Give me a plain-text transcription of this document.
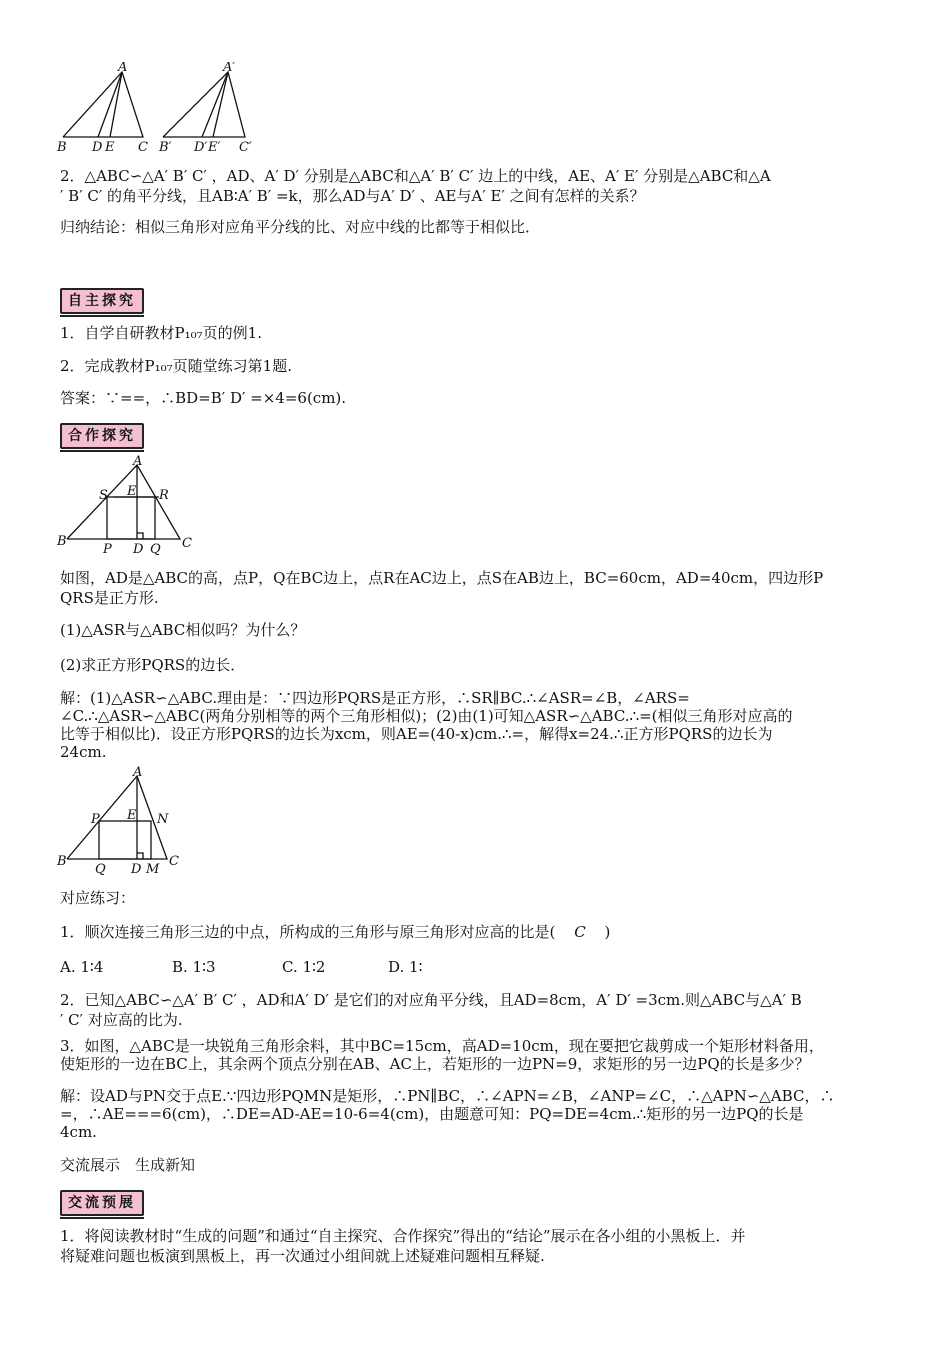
A
B D E C
A′
B′ D′ E′ C′
2．△ABC∽△A′ B′ C′ ，AD、A′ D′ 分别是△ABC和△A′ B′ C′ 边上的中线，AE、A′ E′ 分别是△ABC和△A
′ B′ C′ 的角平分线，且AB∶A′ B′ =k，那么AD与A′ D′ 、AE与A′ E′ 之间有怎样的关系？
归纳结论：相似三角形对应角平分线的比、对应中线的比都等于相似比．
自主探究
1．自学自研教材P₁₀₇页的例1.
2．完成教材P₁₀₇页随堂练习第1题.
答案：∵==，∴BD=B′ D′ =×4=6(cm).
合作探究
A
S E R
B
P D Q C
如图，AD是△ABC的高，点P，Q在BC边上，点R在AC边上，点S在AB边上，BC=60cm，AD=40cm，四边形P
QRS是正方形.
(1)△ASR与△ABC相似吗？为什么？
(2)求正方形PQRS的边长．
解：(1)△ASR∽△ABC.理由是：∵四边形PQRS是正方形，∴SR∥BC.∴∠ASR=∠B，∠ARS=
∠C.∴△ASR∽△ABC(两角分别相等的两个三角形相似)；(2)由(1)可知△ASR∽△ABC.∴=(相似三角形对应高的
比等于相似比)．设正方形PQRS的边长为xcm，则AE=(40-x)cm.∴=，解得x=24.∴正方形PQRS的边长为
24cm.
A
P E N
B
Q D M
C
对应练习：
1．顺次连接三角形三边的中点，所构成的三角形与原三角形对应高的比是( C )
A. 1∶4	B. 1∶3	C. 1∶2	D. 1∶
2．已知△ABC∽△A′ B′ C′ ，AD和A′ D′ 是它们的对应角平分线，且AD=8cm，A′ D′ =3cm.则△ABC与△A′ B
′ C′ 对应高的比为.
3．如图，△ABC是一块锐角三角形余料，其中BC=15cm，高AD=10cm，现在要把它裁剪成一个矩形材料备用，
使矩形的一边在BC上，其余两个顶点分别在AB、AC上，若矩形的一边PN=9，求矩形的另一边PQ的长是多少？
解：设AD与PN交于点E.∵四边形PQMN是矩形，∴PN∥BC，∴∠APN=∠B，∠ANP=∠C，∴△APN∽△ABC，∴
=，∴AE===6(cm)，∴DE=AD-AE=10-6=4(cm)，由题意可知：PQ=DE=4cm.∴矩形的另一边PQ的长是
4cm.
交流展示　生成新知
交流预展
1．将阅读教材时“生成的问题”和通过“自主探究、合作探究”得出的“结论”展示在各小组的小黑板上．并
将疑难问题也板演到黑板上，再一次通过小组间就上述疑难问题相互释疑.
